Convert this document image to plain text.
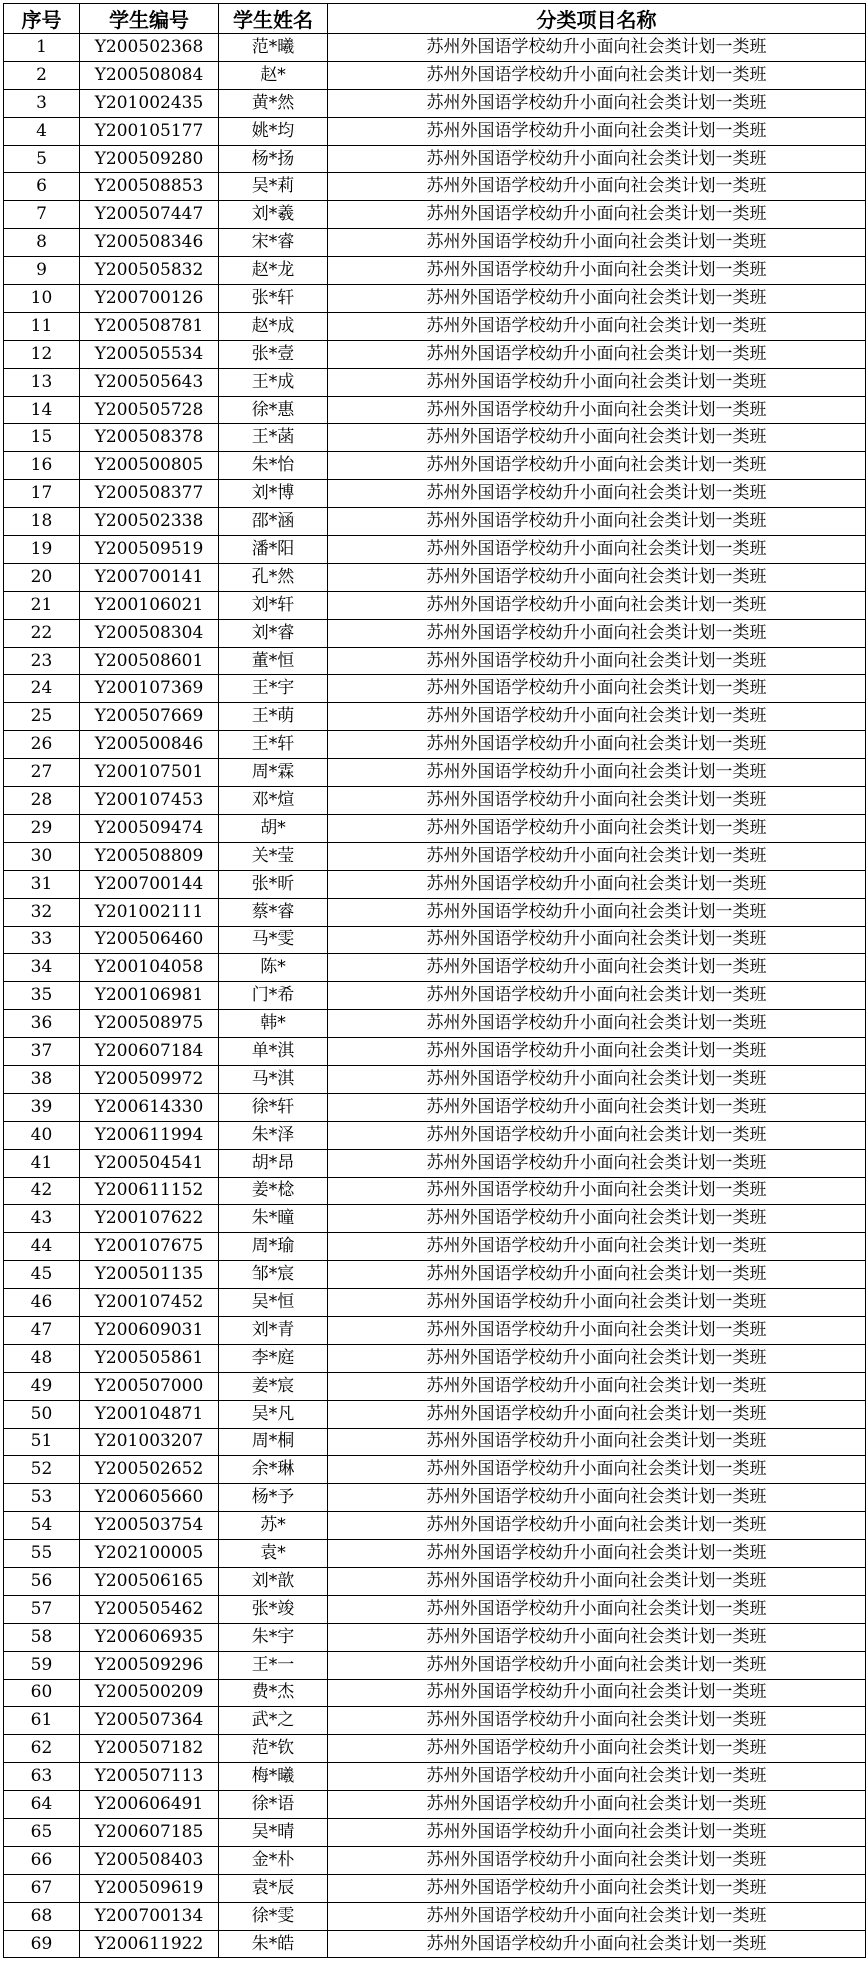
序号	学生编号	学生姓名	分类项目名称
1	Y200502368	范*曦	苏州外国语学校幼升小面向社会类计划一类班
2	Y200508084	赵*	苏州外国语学校幼升小面向社会类计划一类班
3	Y201002435	黄*然	苏州外国语学校幼升小面向社会类计划一类班
4	Y200105177	姚*均	苏州外国语学校幼升小面向社会类计划一类班
5	Y200509280	杨*扬	苏州外国语学校幼升小面向社会类计划一类班
6	Y200508853	吴*莉	苏州外国语学校幼升小面向社会类计划一类班
7	Y200507447	刘*羲	苏州外国语学校幼升小面向社会类计划一类班
8	Y200508346	宋*睿	苏州外国语学校幼升小面向社会类计划一类班
9	Y200505832	赵*龙	苏州外国语学校幼升小面向社会类计划一类班
10	Y200700126	张*轩	苏州外国语学校幼升小面向社会类计划一类班
11	Y200508781	赵*成	苏州外国语学校幼升小面向社会类计划一类班
12	Y200505534	张*壹	苏州外国语学校幼升小面向社会类计划一类班
13	Y200505643	王*成	苏州外国语学校幼升小面向社会类计划一类班
14	Y200505728	徐*惠	苏州外国语学校幼升小面向社会类计划一类班
15	Y200508378	王*菡	苏州外国语学校幼升小面向社会类计划一类班
16	Y200500805	朱*怡	苏州外国语学校幼升小面向社会类计划一类班
17	Y200508377	刘*博	苏州外国语学校幼升小面向社会类计划一类班
18	Y200502338	邵*涵	苏州外国语学校幼升小面向社会类计划一类班
19	Y200509519	潘*阳	苏州外国语学校幼升小面向社会类计划一类班
20	Y200700141	孔*然	苏州外国语学校幼升小面向社会类计划一类班
21	Y200106021	刘*轩	苏州外国语学校幼升小面向社会类计划一类班
22	Y200508304	刘*睿	苏州外国语学校幼升小面向社会类计划一类班
23	Y200508601	董*恒	苏州外国语学校幼升小面向社会类计划一类班
24	Y200107369	王*宇	苏州外国语学校幼升小面向社会类计划一类班
25	Y200507669	王*萌	苏州外国语学校幼升小面向社会类计划一类班
26	Y200500846	王*轩	苏州外国语学校幼升小面向社会类计划一类班
27	Y200107501	周*霖	苏州外国语学校幼升小面向社会类计划一类班
28	Y200107453	邓*煊	苏州外国语学校幼升小面向社会类计划一类班
29	Y200509474	胡*	苏州外国语学校幼升小面向社会类计划一类班
30	Y200508809	关*莹	苏州外国语学校幼升小面向社会类计划一类班
31	Y200700144	张*昕	苏州外国语学校幼升小面向社会类计划一类班
32	Y201002111	蔡*睿	苏州外国语学校幼升小面向社会类计划一类班
33	Y200506460	马*雯	苏州外国语学校幼升小面向社会类计划一类班
34	Y200104058	陈*	苏州外国语学校幼升小面向社会类计划一类班
35	Y200106981	门*希	苏州外国语学校幼升小面向社会类计划一类班
36	Y200508975	韩*	苏州外国语学校幼升小面向社会类计划一类班
37	Y200607184	单*淇	苏州外国语学校幼升小面向社会类计划一类班
38	Y200509972	马*淇	苏州外国语学校幼升小面向社会类计划一类班
39	Y200614330	徐*轩	苏州外国语学校幼升小面向社会类计划一类班
40	Y200611994	朱*泽	苏州外国语学校幼升小面向社会类计划一类班
41	Y200504541	胡*昂	苏州外国语学校幼升小面向社会类计划一类班
42	Y200611152	姜*棯	苏州外国语学校幼升小面向社会类计划一类班
43	Y200107622	朱*曈	苏州外国语学校幼升小面向社会类计划一类班
44	Y200107675	周*瑜	苏州外国语学校幼升小面向社会类计划一类班
45	Y200501135	邹*宸	苏州外国语学校幼升小面向社会类计划一类班
46	Y200107452	吴*恒	苏州外国语学校幼升小面向社会类计划一类班
47	Y200609031	刘*青	苏州外国语学校幼升小面向社会类计划一类班
48	Y200505861	李*庭	苏州外国语学校幼升小面向社会类计划一类班
49	Y200507000	姜*宸	苏州外国语学校幼升小面向社会类计划一类班
50	Y200104871	吴*凡	苏州外国语学校幼升小面向社会类计划一类班
51	Y201003207	周*桐	苏州外国语学校幼升小面向社会类计划一类班
52	Y200502652	余*琳	苏州外国语学校幼升小面向社会类计划一类班
53	Y200605660	杨*予	苏州外国语学校幼升小面向社会类计划一类班
54	Y200503754	苏*	苏州外国语学校幼升小面向社会类计划一类班
55	Y202100005	袁*	苏州外国语学校幼升小面向社会类计划一类班
56	Y200506165	刘*歆	苏州外国语学校幼升小面向社会类计划一类班
57	Y200505462	张*竣	苏州外国语学校幼升小面向社会类计划一类班
58	Y200606935	朱*宇	苏州外国语学校幼升小面向社会类计划一类班
59	Y200509296	王*一	苏州外国语学校幼升小面向社会类计划一类班
60	Y200500209	费*杰	苏州外国语学校幼升小面向社会类计划一类班
61	Y200507364	武*之	苏州外国语学校幼升小面向社会类计划一类班
62	Y200507182	范*钦	苏州外国语学校幼升小面向社会类计划一类班
63	Y200507113	梅*曦	苏州外国语学校幼升小面向社会类计划一类班
64	Y200606491	徐*语	苏州外国语学校幼升小面向社会类计划一类班
65	Y200607185	吴*晴	苏州外国语学校幼升小面向社会类计划一类班
66	Y200508403	金*朴	苏州外国语学校幼升小面向社会类计划一类班
67	Y200509619	袁*辰	苏州外国语学校幼升小面向社会类计划一类班
68	Y200700134	徐*雯	苏州外国语学校幼升小面向社会类计划一类班
69	Y200611922	朱*皓	苏州外国语学校幼升小面向社会类计划一类班
